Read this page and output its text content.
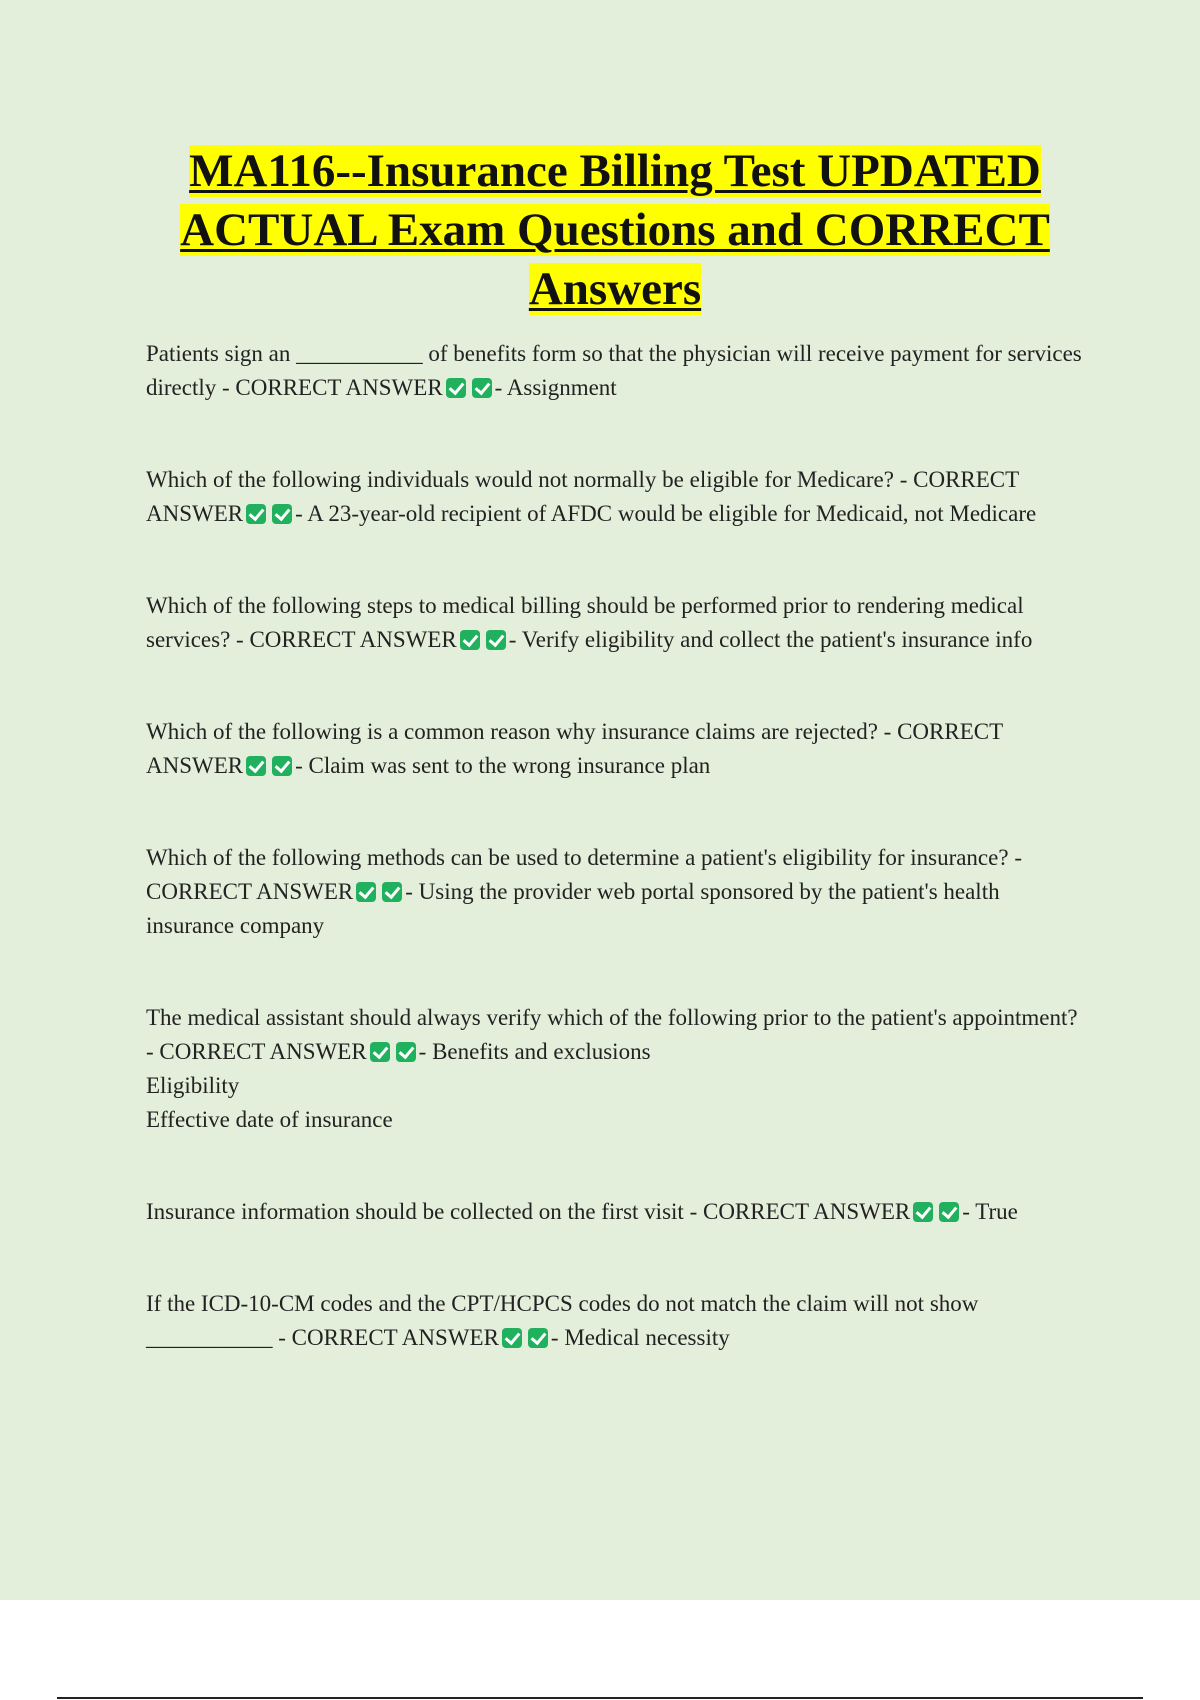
MA116--Insurance Billing Test UPDATED ACTUAL Exam Questions and CORRECT Answers

Patients sign an ___________ of benefits form so that the physician will receive payment for services directly - CORRECT ANSWER - Assignment

Which of the following individuals would not normally be eligible for Medicare? - CORRECT ANSWER - A 23-year-old recipient of AFDC would be eligible for Medicaid, not Medicare

Which of the following steps to medical billing should be performed prior to rendering medical services? - CORRECT ANSWER - Verify eligibility and collect the patient's insurance info

Which of the following is a common reason why insurance claims are rejected? - CORRECT ANSWER - Claim was sent to the wrong insurance plan

Which of the following methods can be used to determine a patient's eligibility for insurance? - CORRECT ANSWER - Using the provider web portal sponsored by the patient's health insurance company

The medical assistant should always verify which of the following prior to the patient's appointment? - CORRECT ANSWER - Benefits and exclusions

Eligibility

Effective date of insurance

Insurance information should be collected on the first visit - CORRECT ANSWER - True

If the ICD-10-CM codes and the CPT/HCPCS codes do not match the claim will not show ___________ - CORRECT ANSWER - Medical necessity
